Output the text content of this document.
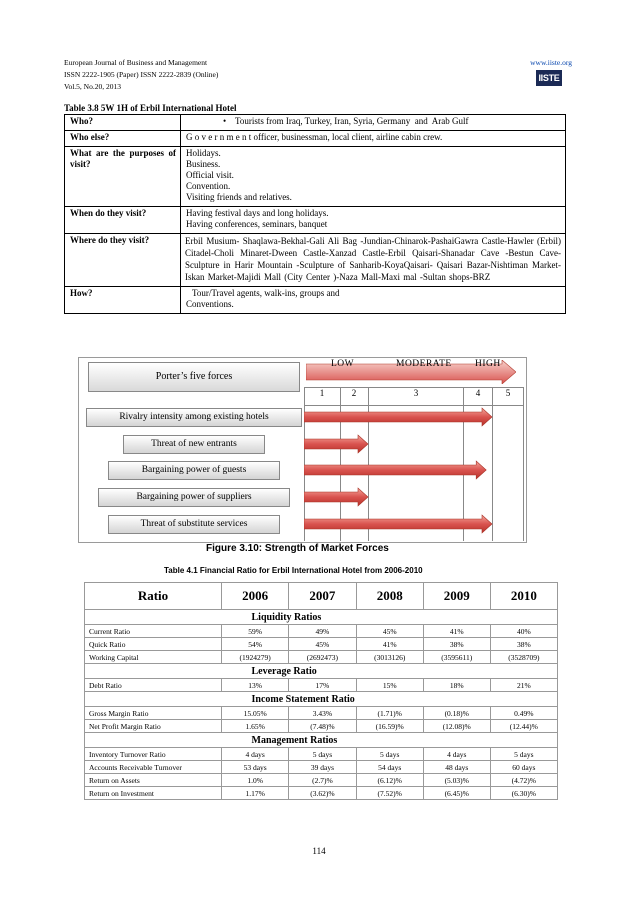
European Journal of Business and Management
ISSN 2222-1905 (Paper) ISSN 2222-2839 (Online)
Vol.5, No.20, 2013
www.iiste.org
IISTE
Table 3.8 5W 1H of Erbil International Hotel
Who?	•    Tourists from Iraq, Turkey, Iran, Syria, Germany  and  Arab Gulf

Who else?	G o v e r n m e n t officer, businessman, local client, airline cabin crew.

What are the purposes of visit?	Holidays.
Business.
Official visit.
Convention.
Visiting friends and relatives.

When do they visit?	Having festival days and long holidays.
Having conferences, seminars, banquet

Where do they visit?	Erbil Musium- Shaqlawa-Bekhal-Gali Ali Bag -Jundian-Chinarok-PashaiGawra Castle-Hawler (Erbil) Citadel-Choli Minaret-Dween Castle-Xanzad Castle-Erbil Qaisari-Shanadar Cave -Bestun Cave-Sculpture in Harir Mountain -Sculpture of Sanharib-KoyaQaisari- Qaisari Bazar-Nishtiman Market-Iskan Market-Majidi Mall (City Center )-Naza Mall-Maxi mal -Sultan shops-BRZ

How?	Tour/Travel agents, walk-ins, groups and
Conventions.
Porter’s five forces
LOW	MODERATE HIGH
1	2	3	4	5
Rivalry intensity among existing hotels
Threat of new entrants
Bargaining power of guests
Bargaining power of suppliers
Threat of substitute services
Figure 3.10: Strength of Market Forces
Table 4.1 Financial Ratio for Erbil International Hotel from 2006-2010
Ratio	2006	2007	2008	2009	2010
	Liquidity Ratios				
Current Ratio	59%	49%	45%	41%	40%
Quick Ratio	54%	45%	41%	38%	38%
Working Capital	(1924279)	(2692473)	(3013126)	(3595611)	(3528709)
	Leverage Ratio				
Debt Ratio	13%	17%	15%	18%	21%
	Income Statement Ratio				
Gross Margin Ratio	15.05%	3.43%	(1.71)%	(0.18)%	0.49%
Net Profit Margin Ratio	1.65%	(7.48)%	(16.59)%	(12.08)%	(12.44)%
	Management Ratios				
Inventory Turnover Ratio	4 days	5 days	5 days	4 days	5 days
Accounts Receivable Turnover	53 days	39 days	54 days	48 days	60 days
Return on Assets	1.0%	(2.7)%	(6.12)%	(5.03)%	(4.72)%
Return on Investment	1.17%	(3.62)%	(7.52)%	(6.45)%	(6.30)%
114
